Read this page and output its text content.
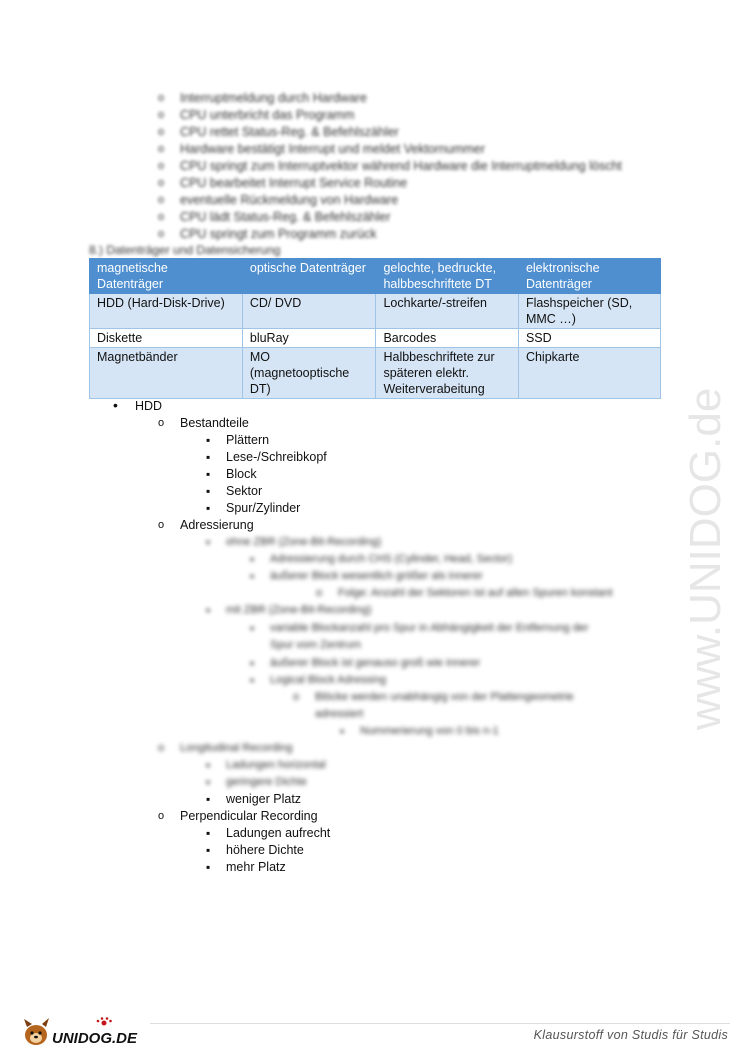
o Interruptmeldung durch Hardware
o CPU unterbricht das Programm
o CPU rettet Status-Reg. & Befehlszähler
o Hardware bestätigt Interrupt und meldet Vektornummer
o CPU springt zum Interruptvektor während Hardware die Interruptmeldung löscht
o CPU bearbeitet Interrupt Service Routine
o eventuelle Rückmeldung von Hardware
o CPU lädt Status-Reg. & Befehlszähler
o CPU springt zum Programm zurück
8.) Datenträger und Datensicherung
magnetische Datenträger	optische Datenträger	gelochte, bedruckte, halbbeschriftete DT	elektronische Datenträger
HDD (Hard-Disk-Drive)	CD/ DVD	Lochkarte/-streifen	Flashspeicher (SD, MMC …)
Diskette	bluRay	Barcodes	SSD
Magnetbänder	MO (magnetooptische DT)	Halbbeschriftete zur späteren elektr. Weiterverabeitung	Chipkarte
• HDD
o Bestandteile
▪ Plättern
▪ Lese-/Schreibkopf
▪ Block
▪ Sektor
▪ Spur/Zylinder
o Adressierung
▪ ohne ZBR (Zone-Bit-Recording)
▪ Adressierung durch CHS (Cylinder, Head, Sector)
▪ äußerer Block wesentlich größer als innerer
o Folge: Anzahl der Sektoren ist auf allen Spuren konstant
▪ mit ZBR (Zone-Bit-Recording)
▪ variable Blockanzahl pro Spur in Abhängigkeit der Entfernung der
Spur vom Zentrum
▪ äußerer Block ist genauso groß wie innerer
▪ Logical Block Adressing
o Blöcke werden unabhängig von der Plattengeometrie
adressiert
▪ Nummerierung von 0 bis n-1
o Longitudinal Recording
▪ Ladungen horizontal
▪ geringere Dichte
▪ weniger Platz
o Perpendicular Recording
▪ Ladungen aufrecht
▪ höhere Dichte
▪ mehr Platz
www.UNIDOG.de
UNIDOG.DE	Klausurstoff von Studis für Studis
